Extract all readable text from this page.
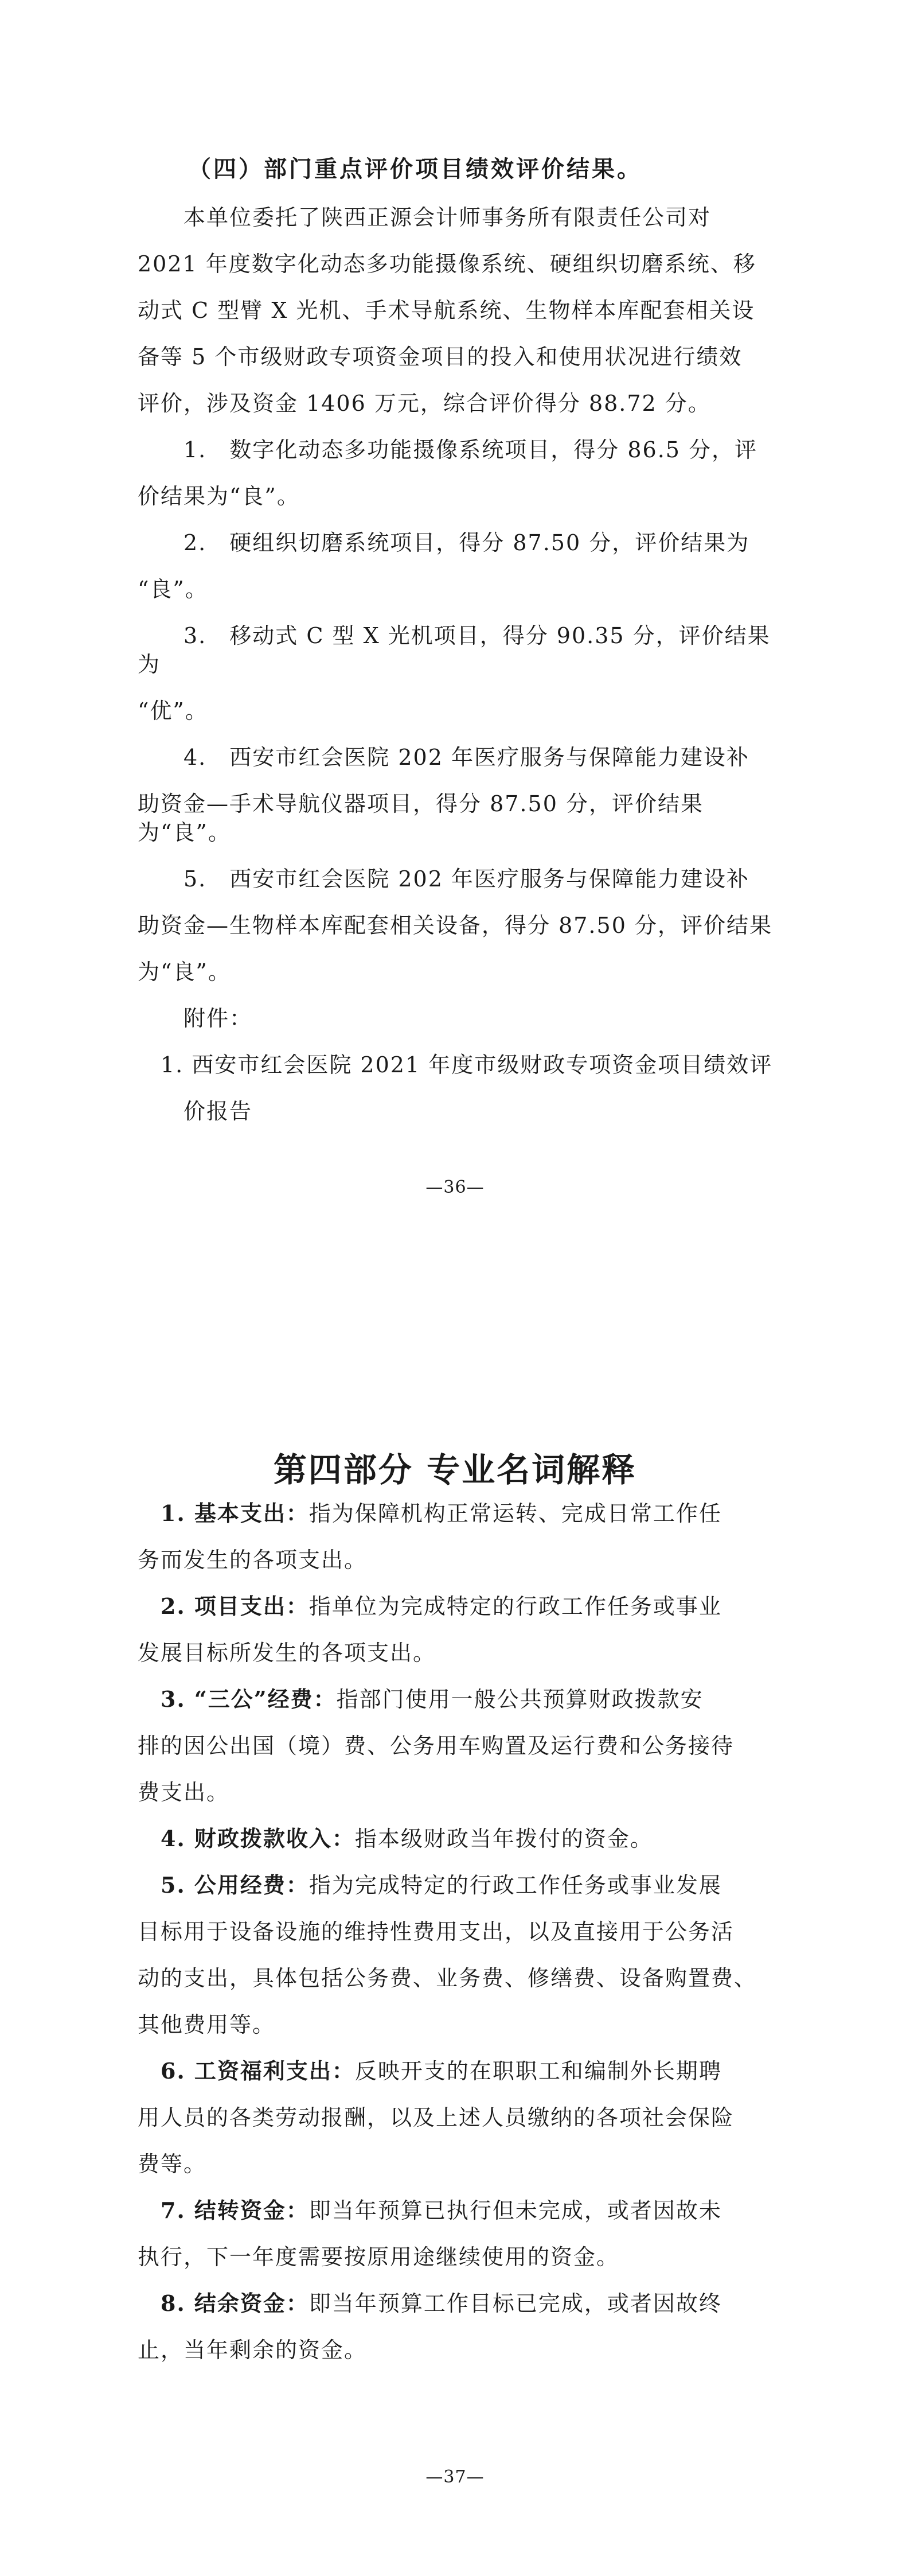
（四）部门重点评价项目绩效评价结果。
　　本单位委托了陕西正源会计师事务所有限责任公司对
2021 年度数字化动态多功能摄像系统、硬组织切磨系统、移
动式 C 型臂 X 光机、手术导航系统、生物样本库配套相关设
备等 5 个市级财政专项资金项目的投入和使用状况进行绩效
评价，涉及资金 1406 万元，综合评价得分 88.72 分。
　　1.　数字化动态多功能摄像系统项目，得分 86.5 分，评
价结果为“良”。
　　2.　硬组织切磨系统项目，得分 87.50 分，评价结果为
“良”。
　　3.　移动式 C 型 X 光机项目，得分 90.35 分，评价结果为
“优”。
　　4.　西安市红会医院 202 年医疗服务与保障能力建设补
助资金—手术导航仪器项目，得分 87.50 分，评价结果为“良”。
　　5.　西安市红会医院 202 年医疗服务与保障能力建设补
助资金—生物样本库配套相关设备，得分 87.50 分，评价结果
为“良”。
　　附件：
　1. 西安市红会医院 2021 年度市级财政专项资金项目绩效评
　　价报告
—36—
第四部分 专业名词解释
　1. 基本支出：指为保障机构正常运转、完成日常工作任
务而发生的各项支出。
　2. 项目支出：指单位为完成特定的行政工作任务或事业
发展目标所发生的各项支出。
　3. “三公”经费：指部门使用一般公共预算财政拨款安
排的因公出国（境）费、公务用车购置及运行费和公务接待
费支出。
　4. 财政拨款收入：指本级财政当年拨付的资金。
　5. 公用经费：指为完成特定的行政工作任务或事业发展
目标用于设备设施的维持性费用支出，以及直接用于公务活
动的支出，具体包括公务费、业务费、修缮费、设备购置费、
其他费用等。
　6. 工资福利支出：反映开支的在职职工和编制外长期聘
用人员的各类劳动报酬，以及上述人员缴纳的各项社会保险
费等。
　7. 结转资金：即当年预算已执行但未完成，或者因故未
执行，下一年度需要按原用途继续使用的资金。
　8. 结余资金：即当年预算工作目标已完成，或者因故终
止，当年剩余的资金。
—37—
